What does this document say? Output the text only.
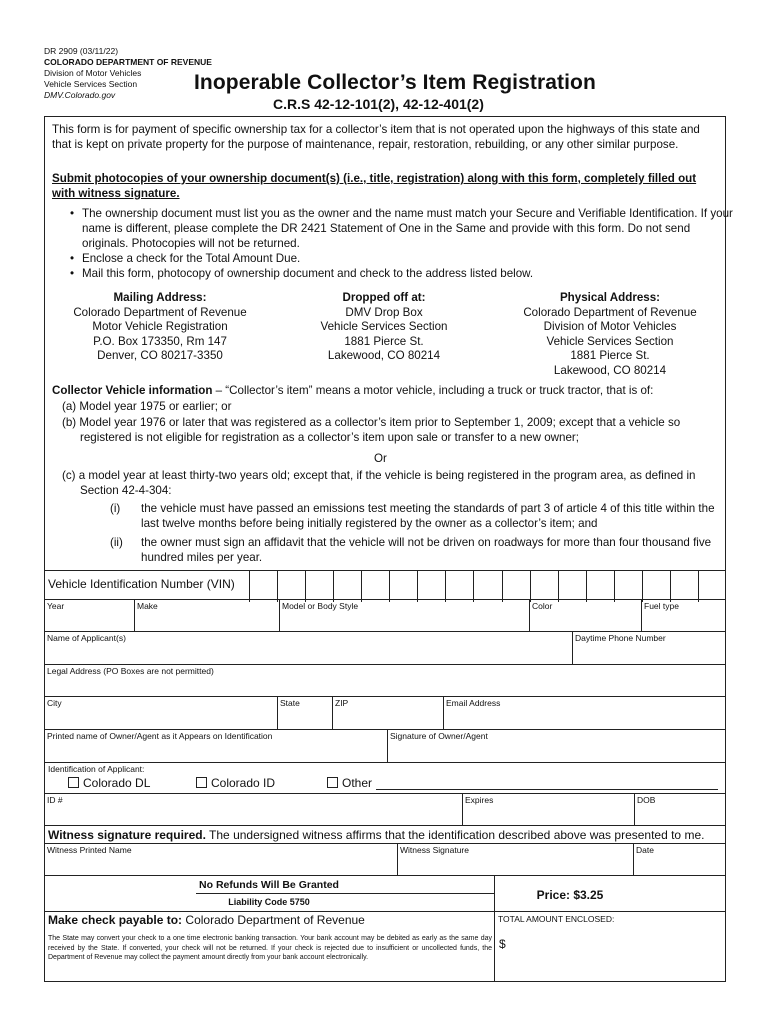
DR 2909 (03/11/22)
COLORADO DEPARTMENT OF REVENUE
Division of Motor Vehicles
Vehicle Services Section
DMV.Colorado.gov
Inoperable Collector’s Item Registration
C.R.S 42-12-101(2), 42-12-401(2)
This form is for payment of specific ownership tax for a collector’s item that is not operated upon the highways of this state and that is kept on private property for the purpose of maintenance, repair, restoration, rebuilding, or any other similar purpose.
Submit photocopies of your ownership document(s) (i.e., title, registration) along with this form, completely filled out with witness signature.
• The ownership document must list you as the owner and the name must match your Secure and Verifiable Identification. If your name is different, please complete the DR 2421 Statement of One in the Same and provide with this form. Do not send originals. Photocopies will not be returned.
• Enclose a check for the Total Amount Due.
• Mail this form, photocopy of ownership document and check to the address listed below.
Mailing Address:
Colorado Department of Revenue
Motor Vehicle Registration
P.O. Box 173350, Rm 147
Denver, CO 80217-3350
Dropped off at:
DMV Drop Box
Vehicle Services Section
1881 Pierce St.
Lakewood, CO 80214
Physical Address:
Colorado Department of Revenue
Division of Motor Vehicles
Vehicle Services Section
1881 Pierce St.
Lakewood, CO 80214
Collector Vehicle information – “Collector’s item” means a motor vehicle, including a truck or truck tractor, that is of:
(a) Model year 1975 or earlier; or
(b) Model year 1976 or later that was registered as a collector’s item prior to September 1, 2009; except that a vehicle so registered is not eligible for registration as a collector’s item upon sale or transfer to a new owner;
Or
(c) a model year at least thirty-two years old; except that, if the vehicle is being registered in the program area, as defined in Section 42-4-304:
(i) the vehicle must have passed an emissions test meeting the standards of part 3 of article 4 of this title within the last twelve months before being initially registered by the owner as a collector’s item; and
(ii) the owner must sign an affidavit that the vehicle will not be driven on roadways for more than four thousand five hundred miles per year.
Vehicle Identification Number (VIN)
Year	Make	Model or Body Style	Color	Fuel type
Name of Applicant(s)	Daytime Phone Number
Legal Address (PO Boxes are not permitted)
City	State	ZIP	Email Address
Printed name of Owner/Agent as it Appears on Identification	Signature of Owner/Agent
Identification of Applicant:
Colorado DL	Colorado ID	Other
ID #	Expires	DOB
Witness signature required. The undersigned witness affirms that the identification described above was presented to me.
Witness Printed Name	Witness Signature	Date
No Refunds Will Be Granted
Liability Code 5750	Price: $3.25
Make check payable to: Colorado Department of Revenue	TOTAL AMOUNT ENCLOSED:
$
The State may convert your check to a one time electronic banking transaction. Your bank account may be debited as early as the same day received by the State. If converted, your check will not be returned. If your check is rejected due to insufficient or uncollected funds, the Department of Revenue may collect the payment amount directly from your bank account electronically.
